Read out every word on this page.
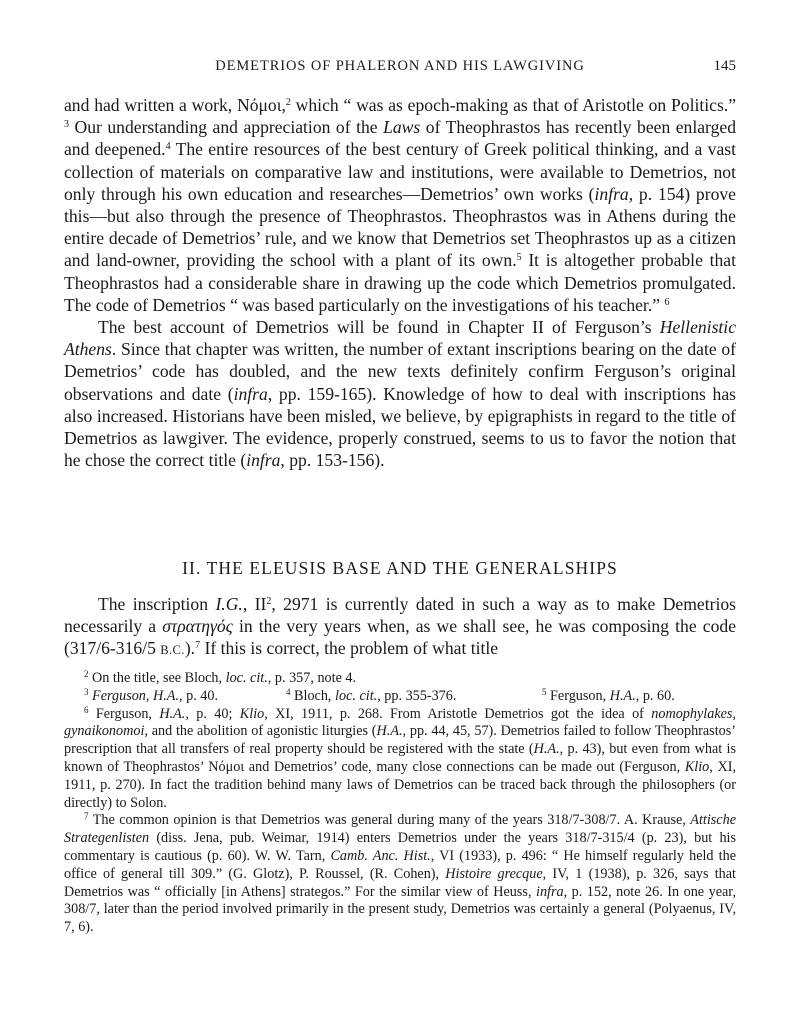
DEMETRIOS OF PHALERON AND HIS LAWGIVING	145

and had written a work, Νόμοι,$^2$ which “ was as epoch-making as that of Aristotle on Politics.” $^3$ Our understanding and appreciation of the Laws of Theophrastos has recently been enlarged and deepened.$^4$ The entire resources of the best century of Greek political thinking, and a vast collection of materials on comparative law and institutions, were available to Demetrios, not only through his own education and researches—Demetrios’ own works (infra, p. 154) prove this—but also through the presence of Theophrastos. Theophrastos was in Athens during the entire decade of Demetrios’ rule, and we know that Demetrios set Theophrastos up as a citizen and land-owner, providing the school with a plant of its own.$^5$ It is altogether probable that Theophrastos had a considerable share in drawing up the code which Demetrios promulgated. The code of Demetrios “ was based particularly on the investigations of his teacher.” $^6$

The best account of Demetrios will be found in Chapter II of Ferguson’s Hellenistic Athens. Since that chapter was written, the number of extant inscriptions bearing on the date of Demetrios’ code has doubled, and the new texts definitely confirm Ferguson’s original observations and date (infra, pp. 159-165). Knowledge of how to deal with inscriptions has also increased. Historians have been misled, we believe, by epigraphists in regard to the title of Demetrios as lawgiver. The evidence, properly construed, seems to us to favor the notion that he chose the correct title (infra, pp. 153-156).

II. THE ELEUSIS BASE AND THE GENERALSHIPS

The inscription I.G., II$^2$, 2971 is currently dated in such a way as to make Demetrios necessarily a στρατηγός in the very years when, as we shall see, he was composing the code (317/6-316/5 B.C.).$^7$ If this is correct, the problem of what title

$^2$ On the title, see Bloch, loc. cit., p. 357, note 4.

$^3$ Ferguson, H.A., p. 40.	$^4$ Bloch, loc. cit., pp. 355-376.	$^5$ Ferguson, H.A., p. 60.

$^6$ Ferguson, H.A., p. 40; Klio, XI, 1911, p. 268. From Aristotle Demetrios got the idea of nomophylakes, gynaikonomoi, and the abolition of agonistic liturgies (H.A., pp. 44, 45, 57). Demetrios failed to follow Theophrastos’ prescription that all transfers of real property should be registered with the state (H.A., p. 43), but even from what is known of Theophrastos’ Νόμοι and Demetrios’ code, many close connections can be made out (Ferguson, Klio, XI, 1911, p. 270). In fact the tradition behind many laws of Demetrios can be traced back through the philosophers (or directly) to Solon.

$^7$ The common opinion is that Demetrios was general during many of the years 318/7-308/7. A. Krause, Attische Strategenlisten (diss. Jena, pub. Weimar, 1914) enters Demetrios under the years 318/7-315/4 (p. 23), but his commentary is cautious (p. 60). W. W. Tarn, Camb. Anc. Hist., VI (1933), p. 496: “ He himself regularly held the office of general till 309.” (G. Glotz), P. Roussel, (R. Cohen), Histoire grecque, IV, 1 (1938), p. 326, says that Demetrios was “ officially [in Athens] strategos.” For the similar view of Heuss, infra, p. 152, note 26. In one year, 308/7, later than the period involved primarily in the present study, Demetrios was certainly a general (Polyaenus, IV, 7, 6).
